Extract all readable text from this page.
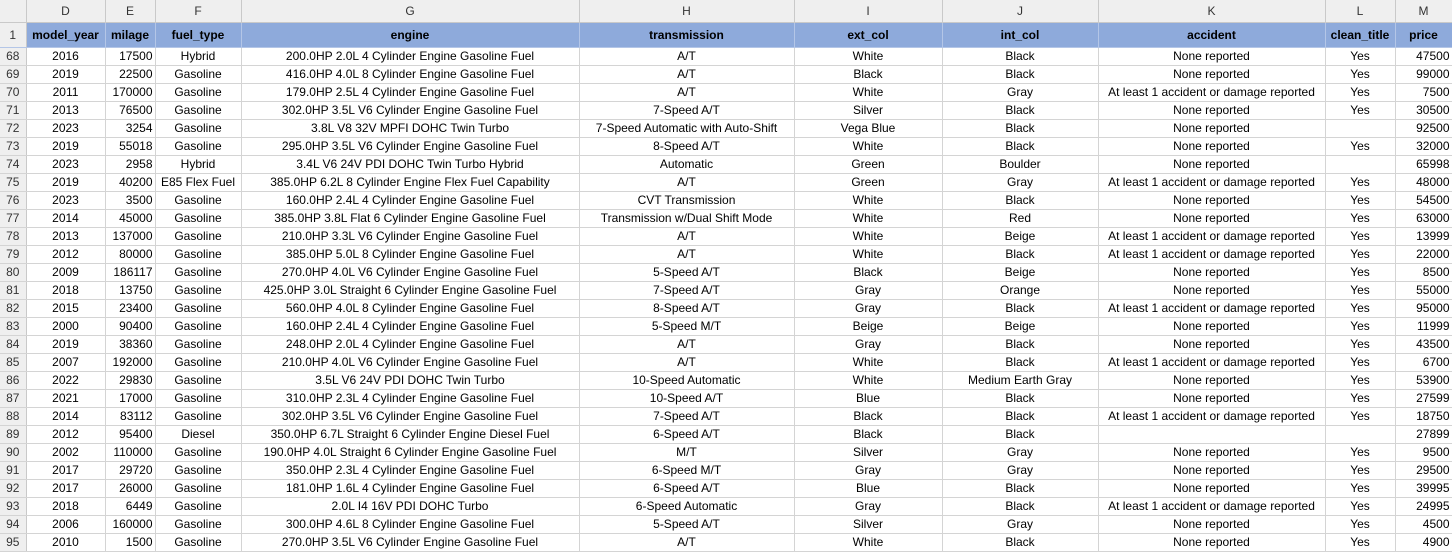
	D	E	F	G	H	I	J	K	L	M
1	model_year	milage	fuel_type	engine	transmission	ext_col	int_col	accident	clean_title	price
68	2016	17500	Hybrid	200.0HP 2.0L 4 Cylinder Engine Gasoline Fuel	A/T	White	Black	None reported	Yes	47500
69	2019	22500	Gasoline	416.0HP 4.0L 8 Cylinder Engine Gasoline Fuel	A/T	Black	Black	None reported	Yes	99000
70	2011	170000	Gasoline	179.0HP 2.5L 4 Cylinder Engine Gasoline Fuel	A/T	White	Gray	At least 1 accident or damage reported	Yes	7500
71	2013	76500	Gasoline	302.0HP 3.5L V6 Cylinder Engine Gasoline Fuel	7-Speed A/T	Silver	Black	None reported	Yes	30500
72	2023	3254	Gasoline	3.8L V8 32V MPFI DOHC Twin Turbo	7-Speed Automatic with Auto-Shift	Vega Blue	Black	None reported		92500
73	2019	55018	Gasoline	295.0HP 3.5L V6 Cylinder Engine Gasoline Fuel	8-Speed A/T	White	Black	None reported	Yes	32000
74	2023	2958	Hybrid	3.4L V6 24V PDI DOHC Twin Turbo Hybrid	Automatic	Green	Boulder	None reported		65998
75	2019	40200	E85 Flex Fuel	385.0HP 6.2L 8 Cylinder Engine Flex Fuel Capability	A/T	Green	Gray	At least 1 accident or damage reported	Yes	48000
76	2023	3500	Gasoline	160.0HP 2.4L 4 Cylinder Engine Gasoline Fuel	CVT Transmission	White	Black	None reported	Yes	54500
77	2014	45000	Gasoline	385.0HP 3.8L Flat 6 Cylinder Engine Gasoline Fuel	Transmission w/Dual Shift Mode	White	Red	None reported	Yes	63000
78	2013	137000	Gasoline	210.0HP 3.3L V6 Cylinder Engine Gasoline Fuel	A/T	White	Beige	At least 1 accident or damage reported	Yes	13999
79	2012	80000	Gasoline	385.0HP 5.0L 8 Cylinder Engine Gasoline Fuel	A/T	White	Black	At least 1 accident or damage reported	Yes	22000
80	2009	186117	Gasoline	270.0HP 4.0L V6 Cylinder Engine Gasoline Fuel	5-Speed A/T	Black	Beige	None reported	Yes	8500
81	2018	13750	Gasoline	425.0HP 3.0L Straight 6 Cylinder Engine Gasoline Fuel	7-Speed A/T	Gray	Orange	None reported	Yes	55000
82	2015	23400	Gasoline	560.0HP 4.0L 8 Cylinder Engine Gasoline Fuel	8-Speed A/T	Gray	Black	At least 1 accident or damage reported	Yes	95000
83	2000	90400	Gasoline	160.0HP 2.4L 4 Cylinder Engine Gasoline Fuel	5-Speed M/T	Beige	Beige	None reported	Yes	11999
84	2019	38360	Gasoline	248.0HP 2.0L 4 Cylinder Engine Gasoline Fuel	A/T	Gray	Black	None reported	Yes	43500
85	2007	192000	Gasoline	210.0HP 4.0L V6 Cylinder Engine Gasoline Fuel	A/T	White	Black	At least 1 accident or damage reported	Yes	6700
86	2022	29830	Gasoline	3.5L V6 24V PDI DOHC Twin Turbo	10-Speed Automatic	White	Medium Earth Gray	None reported	Yes	53900
87	2021	17000	Gasoline	310.0HP 2.3L 4 Cylinder Engine Gasoline Fuel	10-Speed A/T	Blue	Black	None reported	Yes	27599
88	2014	83112	Gasoline	302.0HP 3.5L V6 Cylinder Engine Gasoline Fuel	7-Speed A/T	Black	Black	At least 1 accident or damage reported	Yes	18750
89	2012	95400	Diesel	350.0HP 6.7L Straight 6 Cylinder Engine Diesel Fuel	6-Speed A/T	Black	Black			27899
90	2002	110000	Gasoline	190.0HP 4.0L Straight 6 Cylinder Engine Gasoline Fuel	M/T	Silver	Gray	None reported	Yes	9500
91	2017	29720	Gasoline	350.0HP 2.3L 4 Cylinder Engine Gasoline Fuel	6-Speed M/T	Gray	Gray	None reported	Yes	29500
92	2017	26000	Gasoline	181.0HP 1.6L 4 Cylinder Engine Gasoline Fuel	6-Speed A/T	Blue	Black	None reported	Yes	39995
93	2018	6449	Gasoline	2.0L I4 16V PDI DOHC Turbo	6-Speed Automatic	Gray	Black	At least 1 accident or damage reported	Yes	24995
94	2006	160000	Gasoline	300.0HP 4.6L 8 Cylinder Engine Gasoline Fuel	5-Speed A/T	Silver	Gray	None reported	Yes	4500
95	2010	1500	Gasoline	270.0HP 3.5L V6 Cylinder Engine Gasoline Fuel	A/T	White	Black	None reported	Yes	4900
